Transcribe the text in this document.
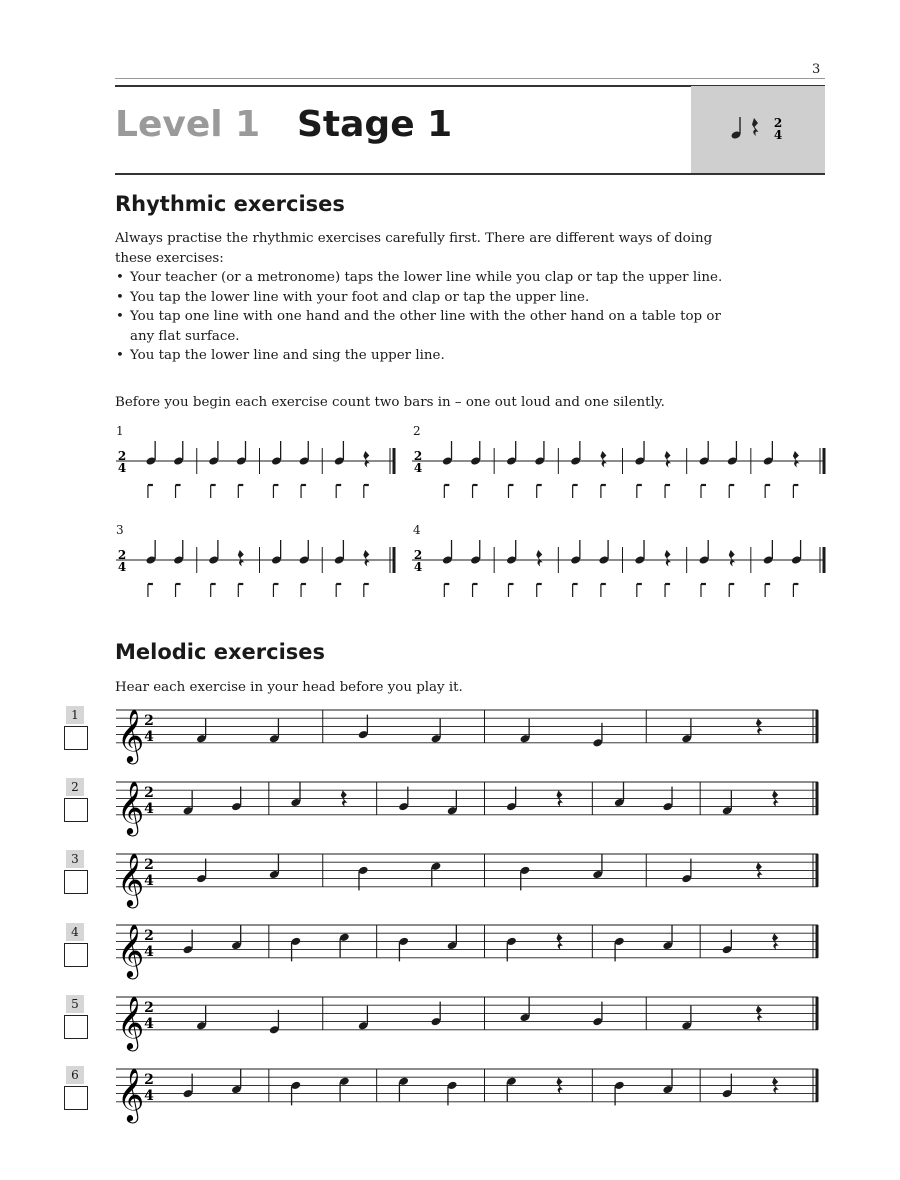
3
Level 1 Stage 1	2
4
Rhythmic exercises
Always practise the rhythmic exercises carefully first. There are different ways of doing these exercises:
• Your teacher (or a metronome) taps the lower line while you clap or tap the upper line.
• You tap the lower line with your foot and clap or tap the upper line.
• You tap one line with one hand and the other line with the other hand on a table top or any flat surface.
• You tap the lower line and sing the upper line.
Before you begin each exercise count two bars in – one out loud and one silently.
1	2
3	4
2
4
2
4
2
4
2
4
Melodic exercises
Hear each exercise in your head before you play it.
1
2
3
4
5
6
𝄞 2
4
𝄞 2
4
𝄞 2
4
𝄞 2
4
𝄞 2
4
𝄞 2
4
